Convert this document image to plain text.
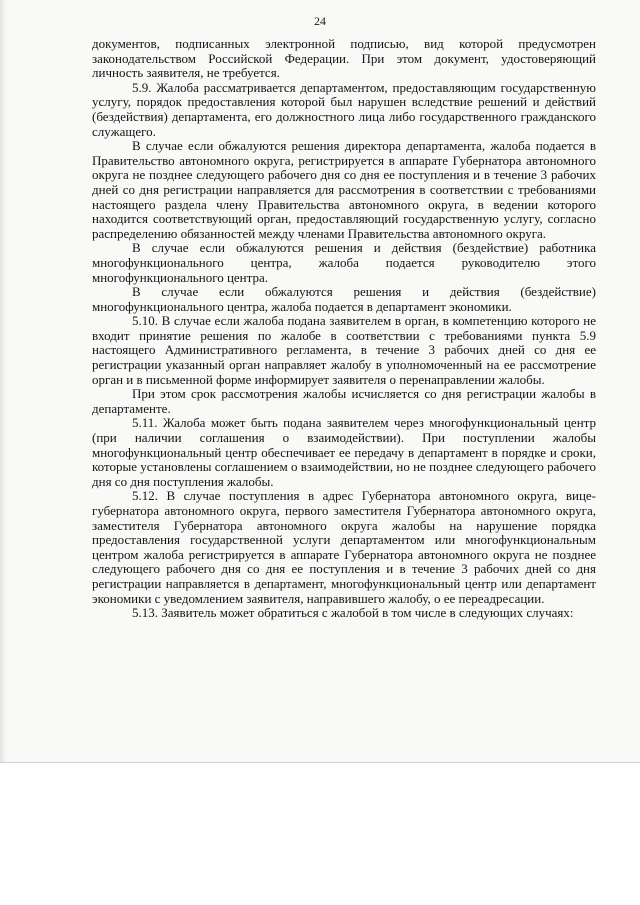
24

документов, подписанных электронной подписью, вид которой предусмотрен законодательством Российской Федерации. При этом документ, удостоверяющий личность заявителя, не требуется.

5.9. Жалоба рассматривается департаментом, предоставляющим государственную услугу, порядок предоставления которой был нарушен вследствие решений и действий (бездействия) департамента, его должностного лица либо государственного гражданского служащего.

В случае если обжалуются решения директора департамента, жалоба подается в Правительство автономного округа, регистрируется в аппарате Губернатора автономного округа не позднее следующего рабочего дня со дня ее поступления и в течение 3 рабочих дней со дня регистрации направляется для рассмотрения в соответствии с требованиями настоящего раздела члену Правительства автономного округа, в ведении которого находится соответствующий орган, предоставляющий государственную услугу, согласно распределению обязанностей между членами Правительства автономного округа.

В случае если обжалуются решения и действия (бездействие) работника многофункционального центра, жалоба подается руководителю этого многофункционального центра.

В случае если обжалуются решения и действия (бездействие) многофункционального центра, жалоба подается в департамент экономики.

5.10. В случае если жалоба подана заявителем в орган, в компетенцию которого не входит принятие решения по жалобе в соответствии с требованиями пункта 5.9 настоящего Административного регламента, в течение 3 рабочих дней со дня ее регистрации указанный орган направляет жалобу в уполномоченный на ее рассмотрение орган и в письменной форме информирует заявителя о перенаправлении жалобы.

При этом срок рассмотрения жалобы исчисляется со дня регистрации жалобы в департаменте.

5.11. Жалоба может быть подана заявителем через многофункциональный центр (при наличии соглашения о взаимодействии). При поступлении жалобы многофункциональный центр обеспечивает ее передачу в департамент в порядке и сроки, которые установлены соглашением о взаимодействии, но не позднее следующего рабочего дня со дня поступления жалобы.

5.12. В случае поступления в адрес Губернатора автономного округа, вице-губернатора автономного округа, первого заместителя Губернатора автономного округа, заместителя Губернатора автономного округа жалобы на нарушение порядка предоставления государственной услуги департаментом или многофункциональным центром жалоба регистрируется в аппарате Губернатора автономного округа не позднее следующего рабочего дня со дня ее поступления и в течение 3 рабочих дней со дня регистрации направляется в департамент, многофункциональный центр или департамент экономики с уведомлением заявителя, направившего жалобу, о ее переадресации.

5.13. Заявитель может обратиться с жалобой в том числе в следующих случаях:
